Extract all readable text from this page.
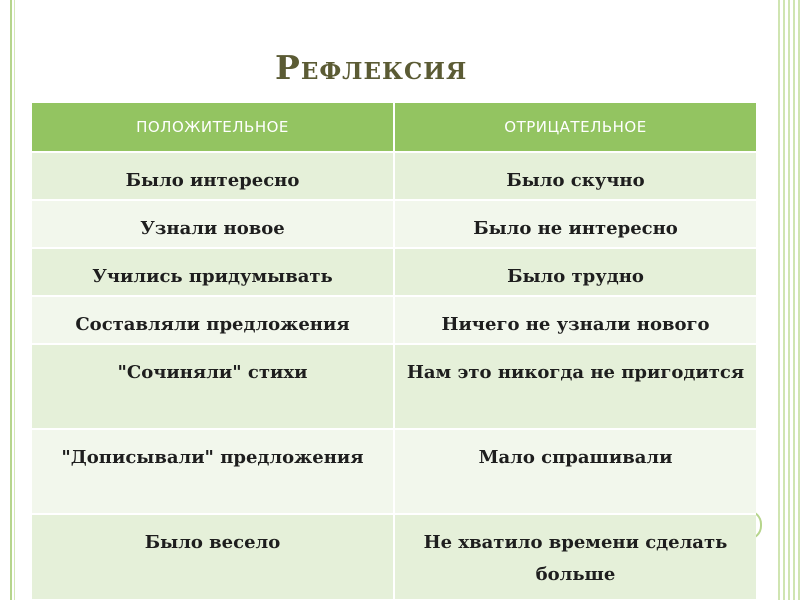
Рефлексия
ПОЛОЖИТЕЛЬНОЕ	ОТРИЦАТЕЛЬНОЕ
Было интересно	Было скучно
Узнали новое	Было не интересно
Учились придумывать	Было трудно
Составляли предложения	Ничего не узнали нового
"Сочиняли" стихи	Нам это никогда не пригодится
"Дописывали" предложения	Мало спрашивали
Было весело	Не хватило времени сделать больше
